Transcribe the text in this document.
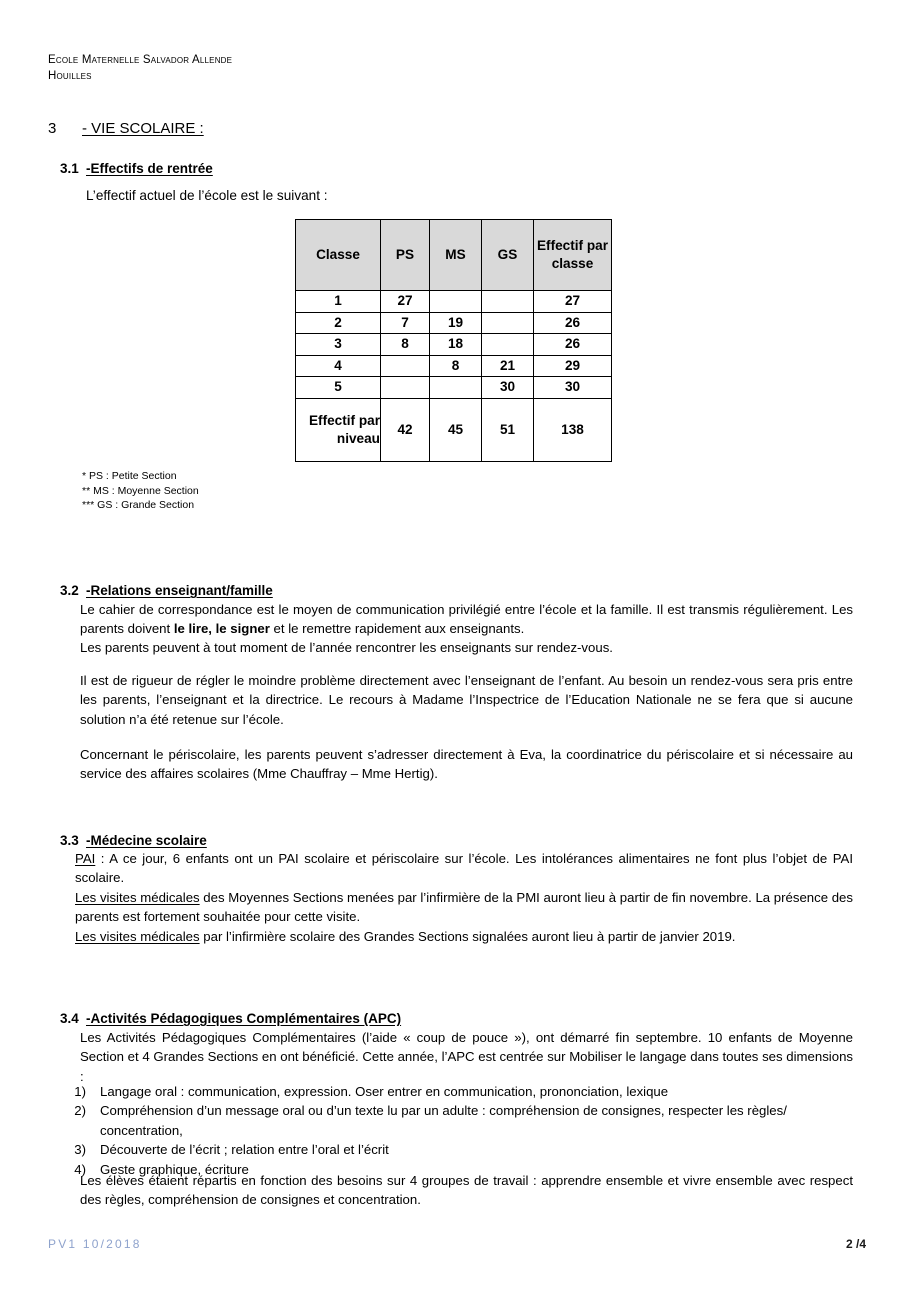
Ecole Maternelle Salvador Allende
Houilles
3 - VIE SCOLAIRE :
3.1 -Effectifs de rentrée
L’effectif actuel de l’école est le suivant :
Classe	PS	MS	GS	Effectif par classe
1	27			27
2	7	19		26
3	8	18		26
4		8	21	29
5			30	30
Effectif par niveau	42	45	51	138
* PS : Petite Section
** MS : Moyenne Section
*** GS : Grande Section
3.2 -Relations enseignant/famille
Le cahier de correspondance est le moyen de communication privilégié entre l’école et la famille. Il est transmis régulièrement. Les parents doivent le lire, le signer et le remettre rapidement aux enseignants.
Les parents peuvent à tout moment de l’année rencontrer les enseignants sur rendez-vous.
Il est de rigueur de régler le moindre problème directement avec l’enseignant de l’enfant. Au besoin un rendez-vous sera pris entre les parents, l’enseignant et la directrice. Le recours à Madame l’Inspectrice de l’Education Nationale ne se fera que si aucune solution n’a été retenue sur l’école.
Concernant le périscolaire, les parents peuvent s’adresser directement à Eva, la coordinatrice du périscolaire et si nécessaire au service des affaires scolaires (Mme Chauffray – Mme Hertig).
3.3 -Médecine scolaire
PAI : A ce jour, 6 enfants ont un PAI scolaire et périscolaire sur l’école. Les intolérances alimentaires ne font plus l’objet de PAI scolaire.
Les visites médicales des Moyennes Sections menées par l’infirmière de la PMI auront lieu à partir de fin novembre. La présence des parents est fortement souhaitée pour cette visite.
Les visites médicales par l’infirmière scolaire des Grandes Sections signalées auront lieu à partir de janvier 2019.
3.4 -Activités Pédagogiques Complémentaires (APC)
Les Activités Pédagogiques Complémentaires (l’aide « coup de pouce »), ont démarré fin septembre. 10 enfants de Moyenne Section et 4 Grandes Sections en ont bénéficié. Cette année, l’APC est centrée sur Mobiliser le langage dans toutes ses dimensions :
1)	Langage oral : communication, expression. Oser entrer en communication, prononciation, lexique
2)	Compréhension d’un message oral ou d’un texte lu par un adulte : compréhension de consignes, respecter les règles/ concentration,
3)	Découverte de l’écrit ; relation entre l’oral et l’écrit
4)	Geste graphique, écriture
Les élèves étaient répartis en fonction des besoins sur 4 groupes de travail : apprendre ensemble et vivre ensemble avec respect des règles, compréhension de consignes et concentration.
PV1 10/2018	2 /4
